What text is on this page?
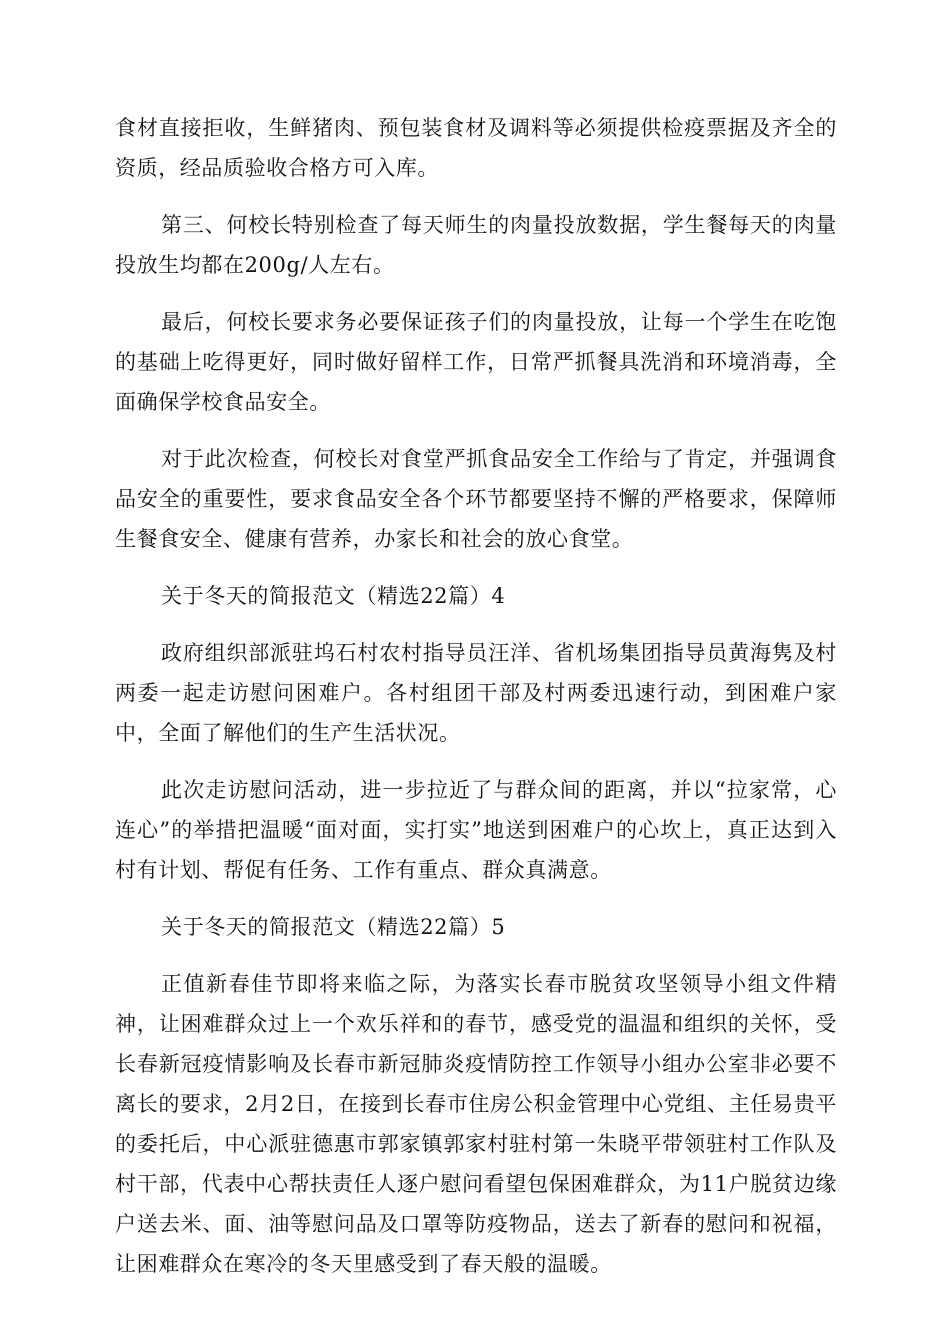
食材直接拒收，生鲜猪肉、预包装食材及调料等必须提供检疫票据及齐全的资质，经品质验收合格方可入库。

第三、何校长特别检查了每天师生的肉量投放数据，学生餐每天的肉量投放生均都在200g/人左右。

最后，何校长要求务必要保证孩子们的肉量投放，让每一个学生在吃饱的基础上吃得更好，同时做好留样工作，日常严抓餐具洗消和环境消毒，全面确保学校食品安全。

对于此次检查，何校长对食堂严抓食品安全工作给与了肯定，并强调食品安全的重要性，要求食品安全各个环节都要坚持不懈的严格要求，保障师生餐食安全、健康有营养，办家长和社会的放心食堂。

关于冬天的简报范文（精选22篇）4

政府组织部派驻坞石村农村指导员汪洋、省机场集团指导员黄海隽及村两委一起走访慰问困难户。各村组团干部及村两委迅速行动，到困难户家中，全面了解他们的生产生活状况。

此次走访慰问活动，进一步拉近了与群众间的距离，并以“拉家常，心连心”的举措把温暖“面对面，实打实”地送到困难户的心坎上，真正达到入村有计划、帮促有任务、工作有重点、群众真满意。

关于冬天的简报范文（精选22篇）5

正值新春佳节即将来临之际，为落实长春市脱贫攻坚领导小组文件精神，让困难群众过上一个欢乐祥和的春节，感受党的温温和组织的关怀，受长春新冠疫情影响及长春市新冠肺炎疫情防控工作领导小组办公室非必要不离长的要求，2月2日，在接到长春市住房公积金管理中心党组、主任易贵平的委托后，中心派驻德惠市郭家镇郭家村驻村第一朱晓平带领驻村工作队及村干部，代表中心帮扶责任人逐户慰问看望包保困难群众，为11户脱贫边缘户送去米、面、油等慰问品及口罩等防疫物品，送去了新春的慰问和祝福，让困难群众在寒冷的冬天里感受到了春天般的温暖。
